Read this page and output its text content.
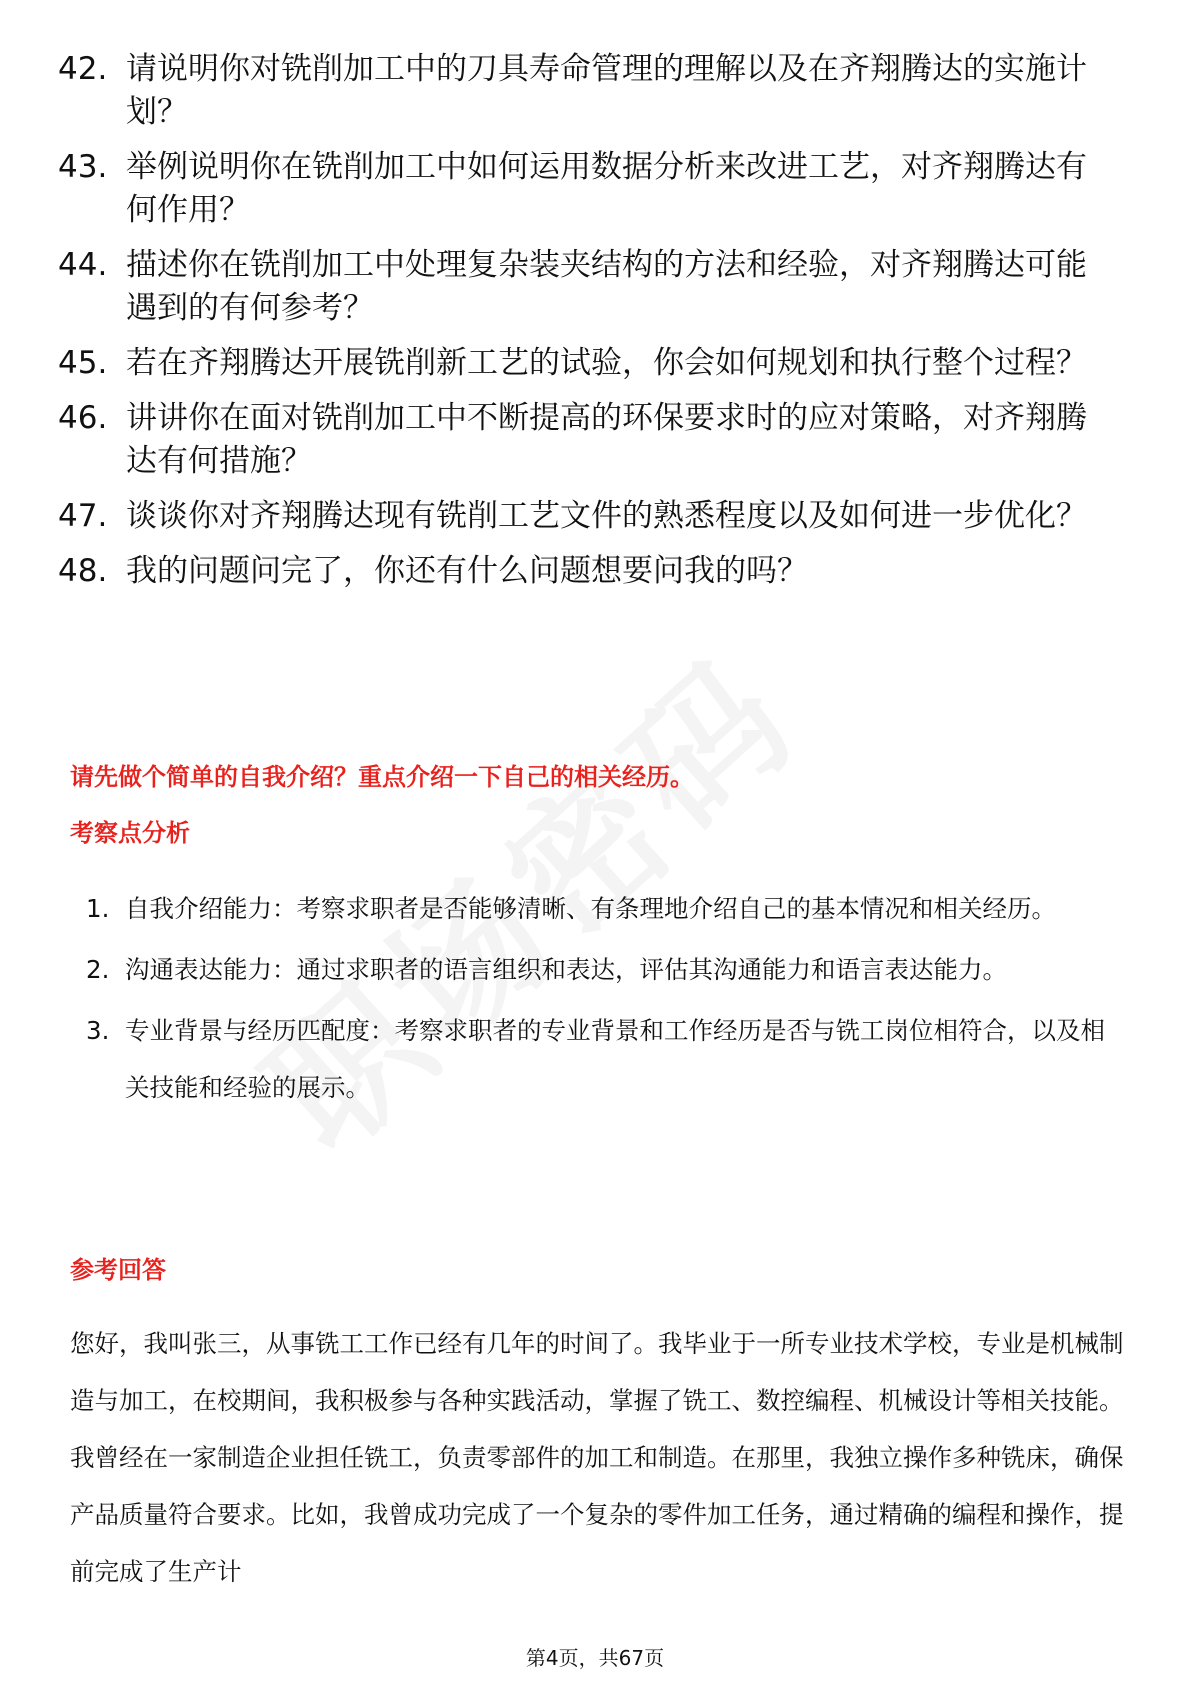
42. 请说明你对铣削加工中的刀具寿命管理的理解以及在齐翔腾达的实施计划？
43. 举例说明你在铣削加工中如何运用数据分析来改进工艺，对齐翔腾达有何作用？
44. 描述你在铣削加工中处理复杂装夹结构的方法和经验，对齐翔腾达可能遇到的有何参考？
45. 若在齐翔腾达开展铣削新工艺的试验，你会如何规划和执行整个过程？
46. 讲讲你在面对铣削加工中不断提高的环保要求时的应对策略，对齐翔腾达有何措施？
47. 谈谈你对齐翔腾达现有铣削工艺文件的熟悉程度以及如何进一步优化？
48. 我的问题问完了，你还有什么问题想要问我的吗？
请先做个简单的自我介绍？重点介绍一下自己的相关经历。
考察点分析
1. 自我介绍能力：考察求职者是否能够清晰、有条理地介绍自己的基本情况和相关经历。
2. 沟通表达能力：通过求职者的语言组织和表达，评估其沟通能力和语言表达能力。
3. 专业背景与经历匹配度：考察求职者的专业背景和工作经历是否与铣工岗位相符合，以及相关技能和经验的展示。
参考回答
您好，我叫张三，从事铣工工作已经有几年的时间了。我毕业于一所专业技术学校，专业是机械制造与加工，在校期间，我积极参与各种实践活动，掌握了铣工、数控编程、机械设计等相关技能。我曾经在一家制造企业担任铣工，负责零部件的加工和制造。在那里，我独立操作多种铣床，确保产品质量符合要求。比如，我曾成功完成了一个复杂的零件加工任务，通过精确的编程和操作，提前完成了生产计
第4页，共67页
